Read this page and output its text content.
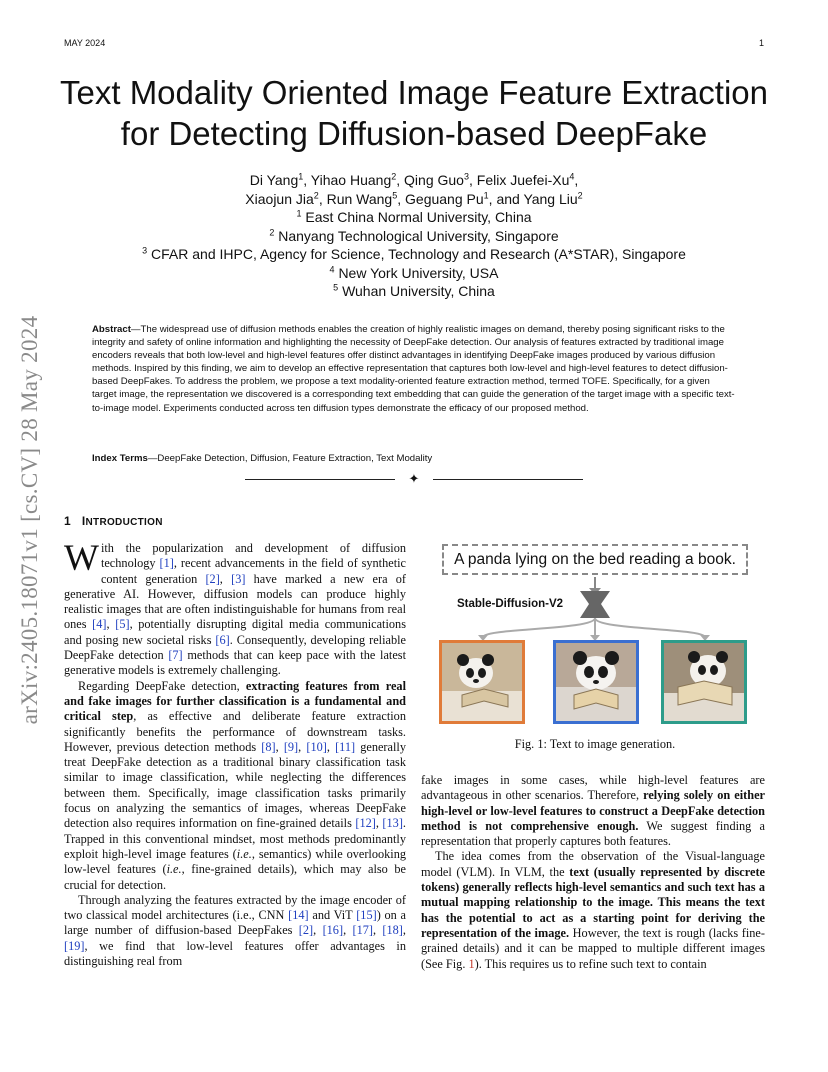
MAY 2024	1
arXiv:2405.18071v1 [cs.CV] 28 May 2024
Text Modality Oriented Image Feature Extraction
for Detecting Diffusion-based DeepFake
Di Yang$^1$, Yihao Huang$^2$, Qing Guo$^3$, Felix Juefei-Xu$^4$,
Xiaojun Jia$^2$, Run Wang$^5$, Geguang Pu$^1$, and Yang Liu$^2$
$^1$ East China Normal University, China
$^2$ Nanyang Technological University, Singapore
$^3$ CFAR and IHPC, Agency for Science, Technology and Research (A*STAR), Singapore
$^4$ New York University, USA
$^5$ Wuhan University, China
Abstract—The widespread use of diffusion methods enables the creation of highly realistic images on demand, thereby posing significant risks to the integrity and safety of online information and highlighting the necessity of DeepFake detection. Our analysis of features extracted by traditional image encoders reveals that both low-level and high-level features offer distinct advantages in identifying DeepFake images produced by various diffusion methods. Inspired by this finding, we aim to develop an effective representation that captures both low-level and high-level features to detect diffusion-based DeepFakes. To address the problem, we propose a text modality-oriented feature extraction method, termed TOFE. Specifically, for a given target image, the representation we discovered is a corresponding text embedding that can guide the generation of the target image with a specific text-to-image model. Experiments conducted across ten diffusion types demonstrate the efficacy of our proposed method.
Index Terms—DeepFake Detection, Diffusion, Feature Extraction, Text Modality
✦
1 INTRODUCTION

With the popularization and development of diffusion technology [1], recent advancements in the field of synthetic content generation [2], [3] have marked a new era of generative AI. However, diffusion models can produce highly realistic images that are often indistinguishable for humans from real ones [4], [5], potentially disrupting digital media communications and posing new societal risks [6]. Consequently, developing reliable DeepFake detection [7] methods that can keep pace with the latest generative models is extremely challenging.

Regarding DeepFake detection, extracting features from real and fake images for further classification is a fundamental and critical step, as effective and deliberate feature extraction significantly benefits the performance of downstream tasks. However, previous detection methods [8], [9], [10], [11] generally treat DeepFake detection as a traditional binary classification task similar to image classification, while neglecting the differences between them. Specifically, image classification tasks primarily focus on analyzing the semantics of images, whereas DeepFake detection also requires information on fine-grained details [12], [13]. Trapped in this conventional mindset, most methods predominantly exploit high-level image features (i.e., semantics) while overlooking low-level features (i.e., fine-grained details), which may also be crucial for detection.

Through analyzing the features extracted by the image encoder of two classical model architectures (i.e., CNN [14] and ViT [15]) on a large number of diffusion-based DeepFakes [2], [16], [17], [18], [19], we find that low-level features offer advantages in distinguishing real from

A panda lying on the bed reading a book.
Stable-Diffusion-V2
Fig. 1: Text to image generation.

fake images in some cases, while high-level features are advantageous in other scenarios. Therefore, relying solely on either high-level or low-level features to construct a DeepFake detection method is not comprehensive enough. We suggest finding a representation that properly captures both features.

The idea comes from the observation of the Visual-language model (VLM). In VLM, the text (usually represented by discrete tokens) generally reflects high-level semantics and such text has a mutual mapping relationship to the image. This means the text has the potential to act as a starting point for deriving the representation of the image. However, the text is rough (lacks fine-grained details) and it can be mapped to multiple different images (See Fig. 1). This requires us to refine such text to contain
